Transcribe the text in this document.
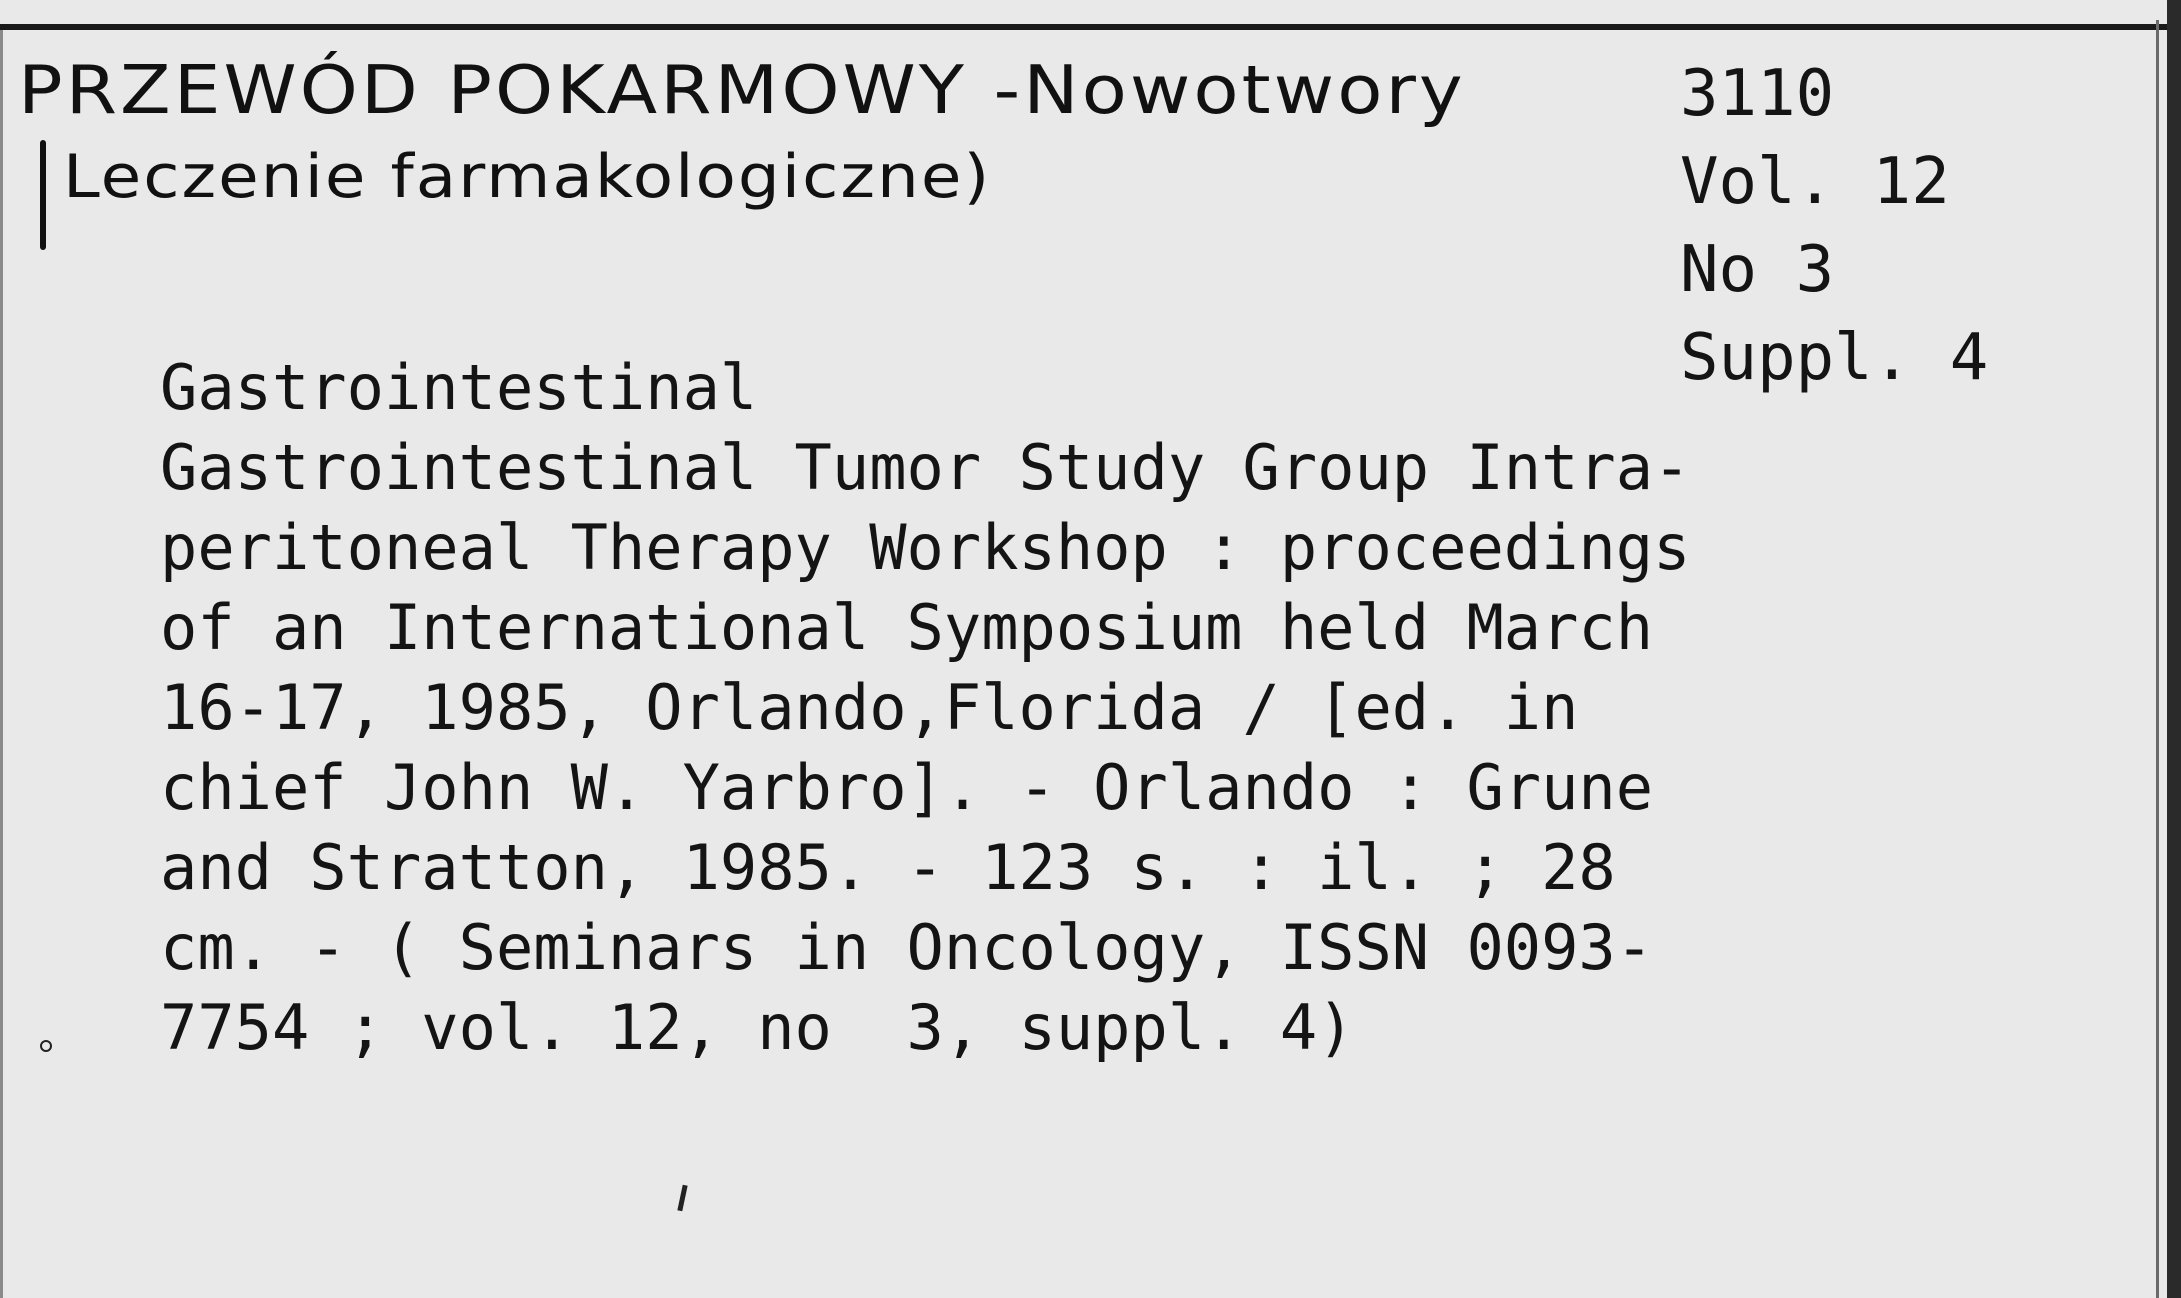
PRZEWÓD POKARMOWY -Nowotwory
Leczenie farmakologiczne)
3110
Vol. 12
No 3
Suppl. 4
Gastrointestinal
Gastrointestinal Tumor Study Group Intra-
peritoneal Therapy Workshop : proceedings
of an International Symposium held March
16-17, 1985, Orlando,Florida / [ed. in
chief John W. Yarbro]. - Orlando : Grune
and Stratton, 1985. - 123 s. : il. ; 28
cm. - ( Seminars in Oncology, ISSN 0093-
7754 ; vol. 12, no  3, suppl. 4)
